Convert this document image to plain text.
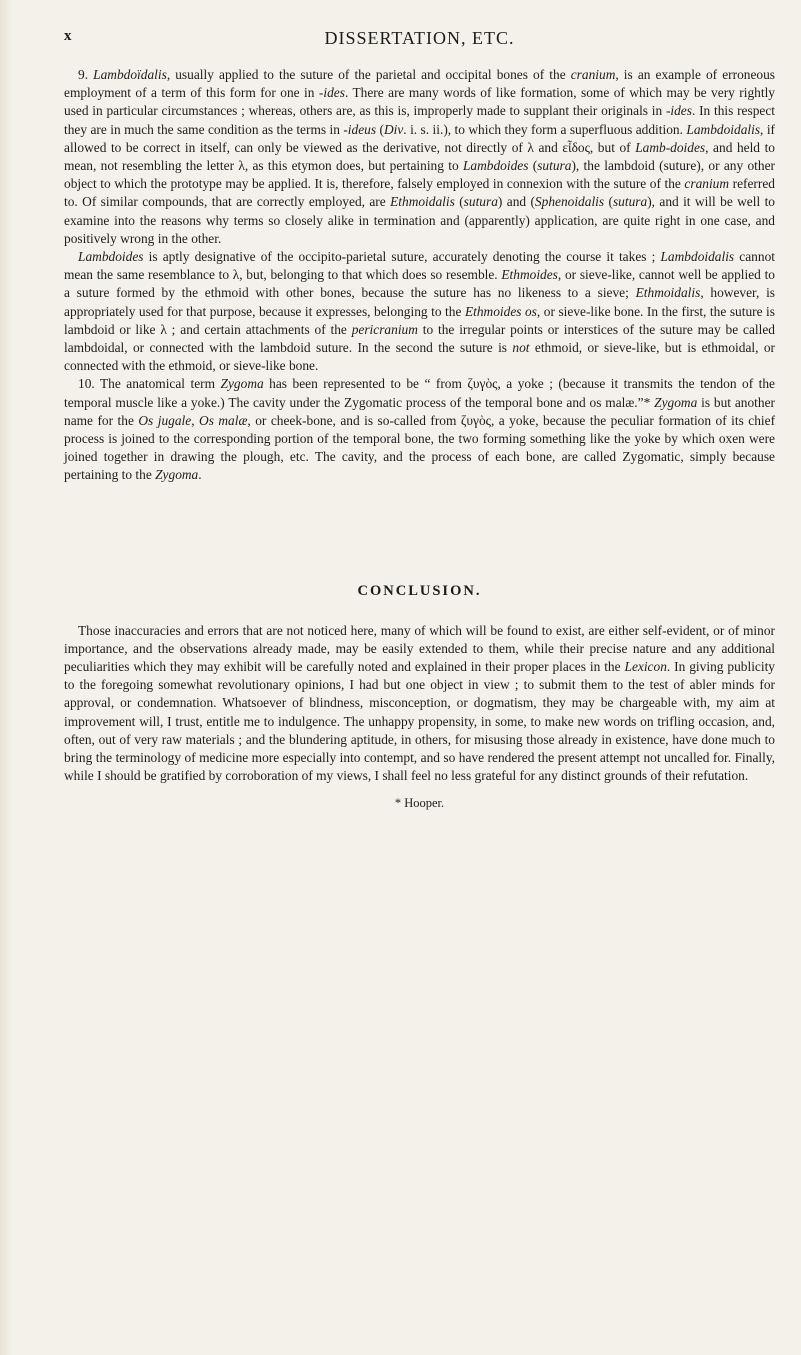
x	DISSERTATION, ETC.

9. Lambdoïdalis, usually applied to the suture of the parietal and occipital bones of the cranium, is an example of erroneous employment of a term of this form for one in -ides. There are many words of like formation, some of which may be very rightly used in particular circumstances ; whereas, others are, as this is, improperly made to supplant their originals in -ides. In this respect they are in much the same condition as the terms in -ideus (Div. i. s. ii.), to which they form a superfluous addition. Lambdoidalis, if allowed to be correct in itself, can only be viewed as the derivative, not directly of λ and εἶδος, but of Lamb-doides, and held to mean, not resembling the letter λ, as this etymon does, but pertaining to Lambdoides (sutura), the lambdoid (suture), or any other object to which the prototype may be applied. It is, therefore, falsely employed in connexion with the suture of the cranium referred to. Of similar compounds, that are correctly employed, are Ethmoidalis (sutura) and (Sphenoidalis (sutura), and it will be well to examine into the reasons why terms so closely alike in termination and (apparently) application, are quite right in one case, and positively wrong in the other.

Lambdoides is aptly designative of the occipito-parietal suture, accurately denoting the course it takes ; Lambdoidalis cannot mean the same resemblance to λ, but, belonging to that which does so resemble. Ethmoides, or sieve-like, cannot well be applied to a suture formed by the ethmoid with other bones, because the suture has no likeness to a sieve; Ethmoidalis, however, is appropriately used for that purpose, because it expresses, belonging to the Ethmoides os, or sieve-like bone. In the first, the suture is lambdoid or like λ ; and certain attachments of the pericranium to the irregular points or interstices of the suture may be called lambdoidal, or connected with the lambdoid suture. In the second the suture is not ethmoid, or sieve-like, but is ethmoidal, or connected with the ethmoid, or sieve-like bone.

10. The anatomical term Zygoma has been represented to be “ from ζυγὸς, a yoke ; (because it transmits the tendon of the temporal muscle like a yoke.) The cavity under the Zygomatic process of the temporal bone and os malæ.”* Zygoma is but another name for the Os jugale, Os malæ, or cheek-bone, and is so-called from ζυγὸς, a yoke, because the peculiar formation of its chief process is joined to the corresponding portion of the temporal bone, the two forming something like the yoke by which oxen were joined together in drawing the plough, etc. The cavity, and the process of each bone, are called Zygomatic, simply because pertaining to the Zygoma.

CONCLUSION.

Those inaccuracies and errors that are not noticed here, many of which will be found to exist, are either self-evident, or of minor importance, and the observations already made, may be easily extended to them, while their precise nature and any additional peculiarities which they may exhibit will be carefully noted and explained in their proper places in the Lexicon. In giving publicity to the foregoing somewhat revolutionary opinions, I had but one object in view ; to submit them to the test of abler minds for approval, or condemnation. Whatsoever of blindness, misconception, or dogmatism, they may be chargeable with, my aim at improvement will, I trust, entitle me to indulgence. The unhappy propensity, in some, to make new words on trifling occasion, and, often, out of very raw materials ; and the blundering aptitude, in others, for misusing those already in existence, have done much to bring the terminology of medicine more especially into contempt, and so have rendered the present attempt not uncalled for. Finally, while I should be gratified by corroboration of my views, I shall feel no less grateful for any distinct grounds of their refutation.

* Hooper.
